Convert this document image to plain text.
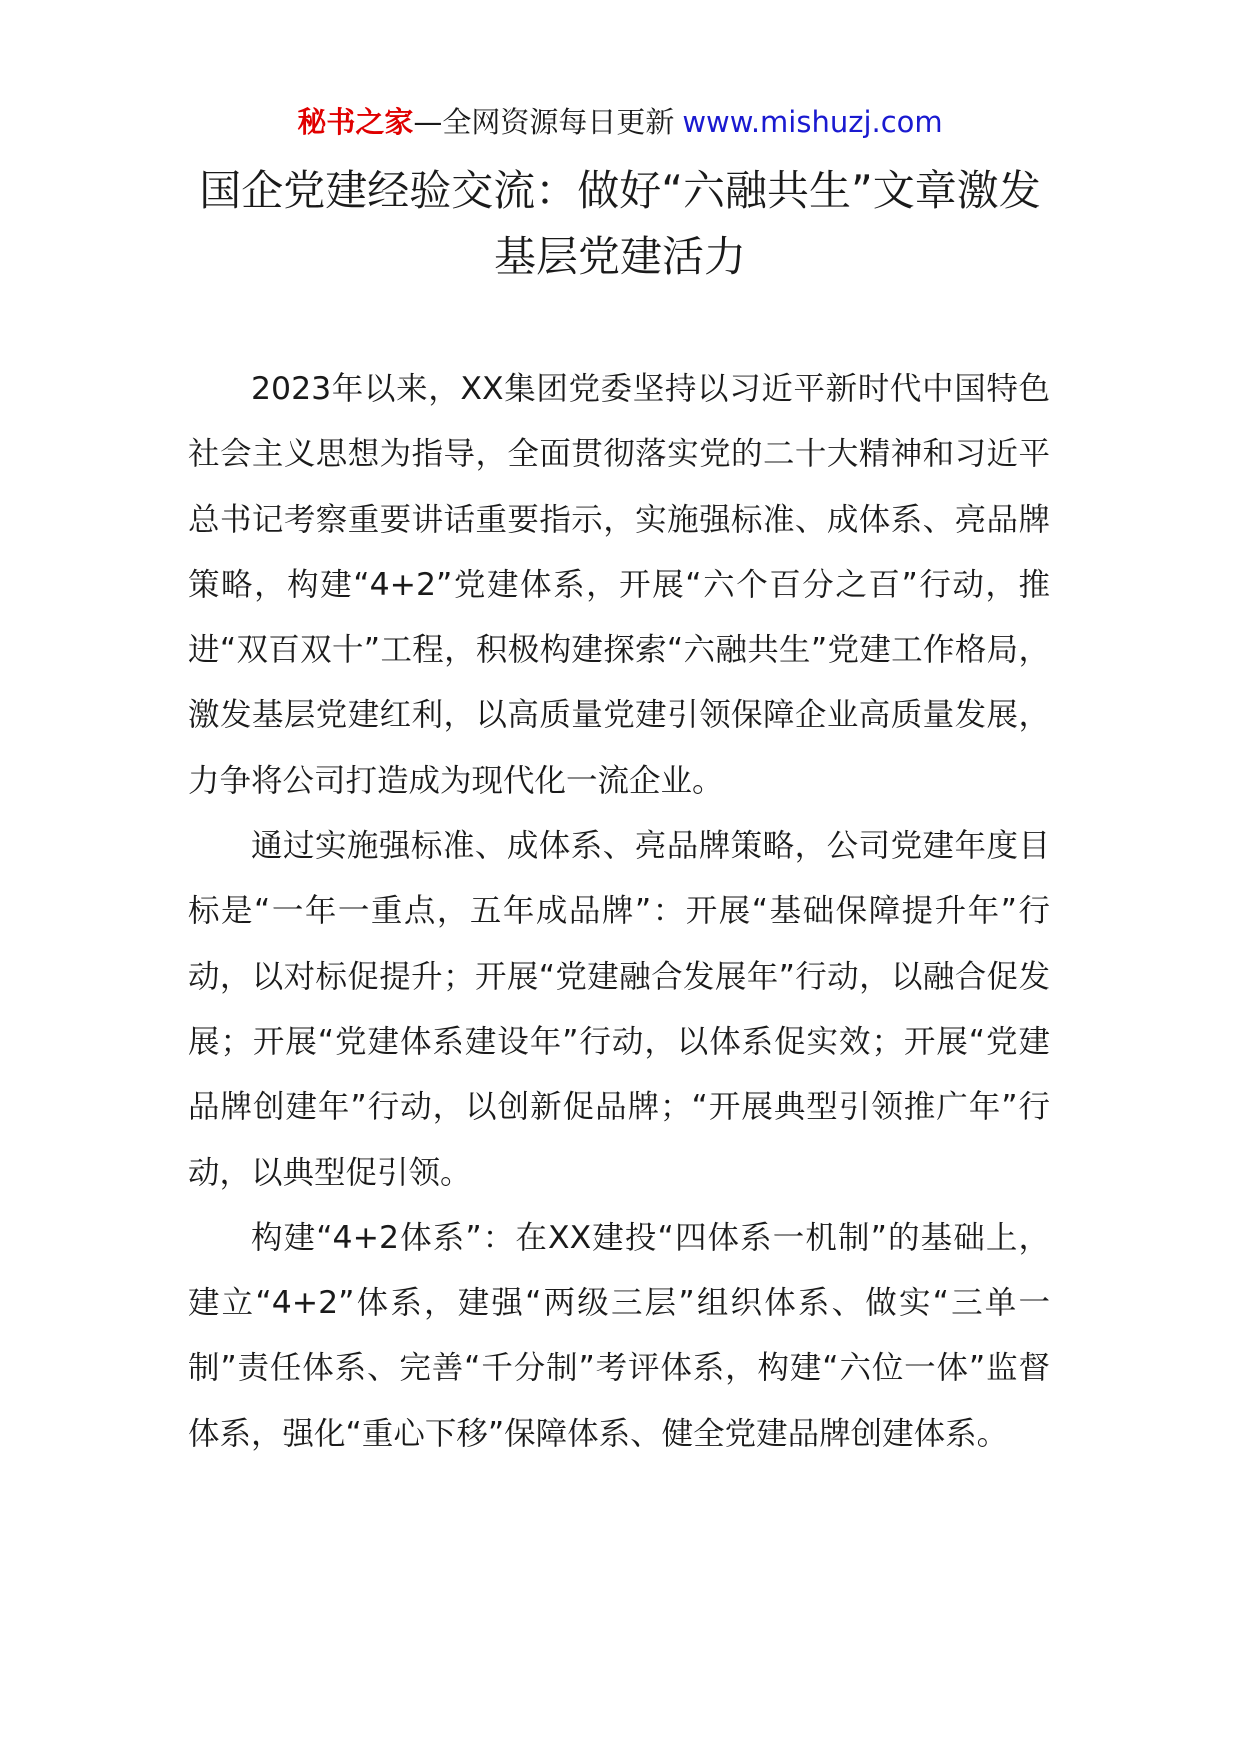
秘书之家—全网资源每日更新 www.mishuzj.com
国企党建经验交流：做好“六融共生”文章激发基层党建活力

2023年以来，XX集团党委坚持以习近平新时代中国特色社会主义思想为指导，全面贯彻落实党的二十大精神和习近平总书记考察重要讲话重要指示，实施强标准、成体系、亮品牌策略，构建“4+2”党建体系，开展“六个百分之百”行动，推进“双百双十”工程，积极构建探索“六融共生”党建工作格局，激发基层党建红利，以高质量党建引领保障企业高质量发展，力争将公司打造成为现代化一流企业。

通过实施强标准、成体系、亮品牌策略，公司党建年度目标是“一年一重点，五年成品牌”：开展“基础保障提升年”行动，以对标促提升；开展“党建融合发展年”行动，以融合促发展；开展“党建体系建设年”行动，以体系促实效；开展“党建品牌创建年”行动，以创新促品牌；“开展典型引领推广年”行动，以典型促引领。

构建“4+2体系”：在XX建投“四体系一机制”的基础上，建立“4+2”体系，建强“两级三层”组织体系、做实“三单一制”责任体系、完善“千分制”考评体系，构建“六位一体”监督体系，强化“重心下移”保障体系、健全党建品牌创建体系。
